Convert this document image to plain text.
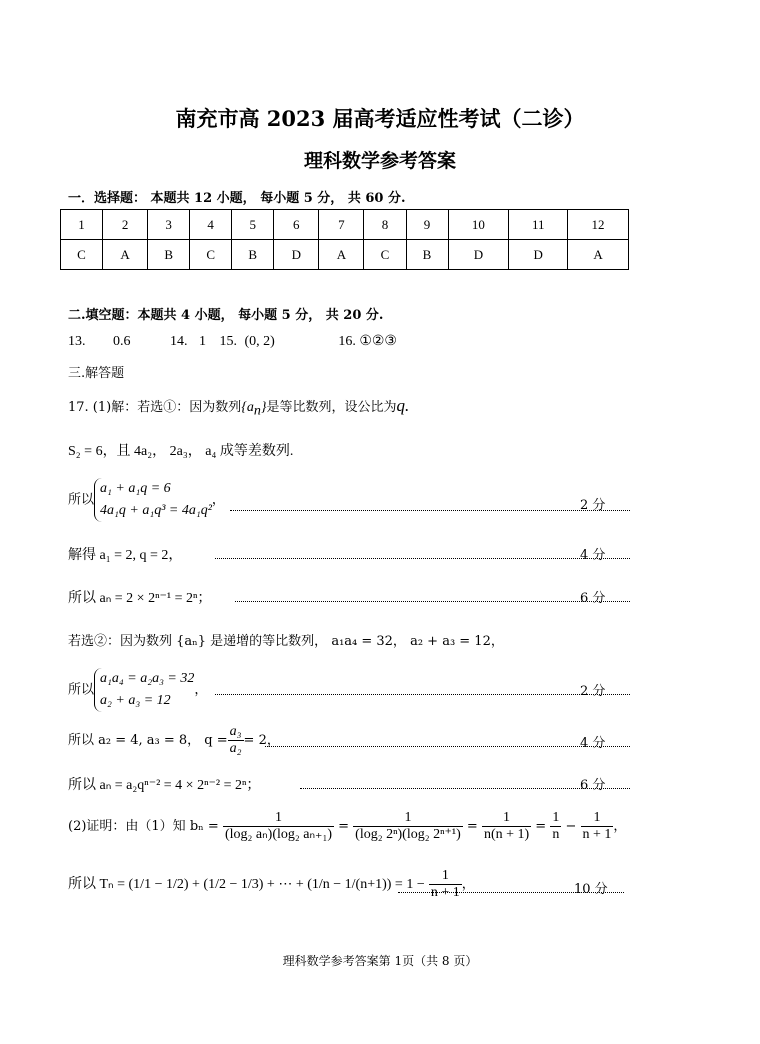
南充市高 2023 届高考适应性考试（二诊）
理科数学参考答案
一．选择题： 本题共 12 小题， 每小题 5 分， 共 60 分.
1	2	3	4	5	6	7	8	9	10	11	12
C	A	B	C	B	D	A	C	B	D	D	A
二.填空题：本题共 4 小题， 每小题 5 分， 共 20 分.
13. 0.6	14. 1 15. (0, 2)	16. ①②③
三.解答题
17. (1)解：若选①：因为数列$\{a_n\}$是等比数列，设公比为q.
S₂ = 6，且 4a₂， 2a₃， a₄ 成等差数列.
所以a₁ + a₁q = 6
4a₁q + a₁q³ = 4a₁q²，	2 分
解得 a₁ = 2, q = 2，	4 分
所以 aₙ = 2 × 2ⁿ⁻¹ = 2ⁿ；	6 分
若选②：因为数列 {aₙ} 是递增的等比数列， a₁a₄ = 32， a₂ + a₃ = 12，
所以a₁a₄ = a₂a₃ = 32
a₂ + a₃ = 12，	2 分
所以 a₂ = 4, a₃ = 8， $q = \frac{\text{a₃}}{\text{a₂}} = 2$，	4 分
所以 aₙ = a₂qⁿ⁻² = 4 × 2ⁿ⁻² = 2ⁿ；	6 分
(2)证明：由（1）知 $b_n = \frac{1}{\text{(log₂ aₙ)(log₂ aₙ₊₁)}} = \frac{1}{\text{(log₂ 2ⁿ)(log₂ 2ⁿ⁺¹)}} = \frac{1}{n(n + 1)} = \frac{1}{n} - \frac{1}{n + 1}$ ，
所以 Tₙ = (1/1 − 1/2) + (1/2 − 1/3) + ⋯ + $(1/n - 1/(n+1)) = 1 - \frac{1}{n + 1}$ ，	10 分
理科数学参考答案第 1页（共 8 页）
